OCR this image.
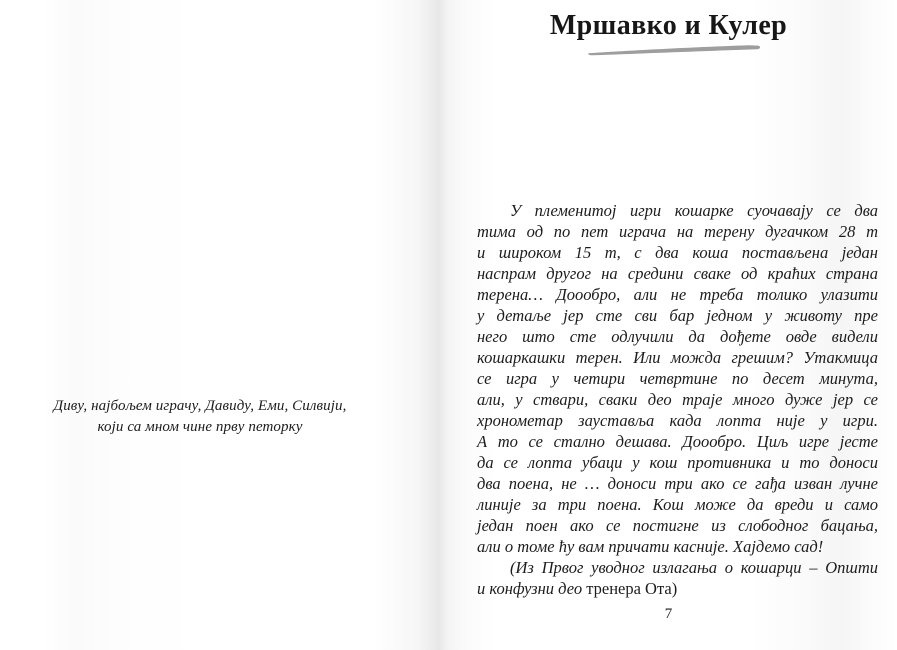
Диву, најбољем играчу, Давиду, Еми, Силвији,
који са мном чине прву петорку
Мршавко и Кулер
У племенитој игри кошарке суочавају се два
тима од по пет играча на терену дугачком 28 m
и широком 15 m, с два коша постављена један
наспрам другог на средини сваке од краћих страна
терена… Доообро, али не треба толико улазити
у детаље јер сте сви бар једном у животу пре
него што сте одлучили да дођете овде видели
кошаркашки терен. Или можда грешим? Утакмица
се игра у четири четвртине по десет минута,
али, у ствари, сваки део траје много дуже јер се
хронометар зауставља када лопта није у игри.
А то се стално дешава. Доообро. Циљ игре јесте
да се лопта убаци у кош противника и то доноси
два поена, не … доноси три ако се гађа изван лучне
линије за три поена. Кош може да вреди и само
један поен ако се постигне из слободног бацања,
али о томе ћу вам причати касније. Хајдемо сад!
(Из Првог уводног излагања о кошарци – Општи
и конфузни део тренера Ота)
7
